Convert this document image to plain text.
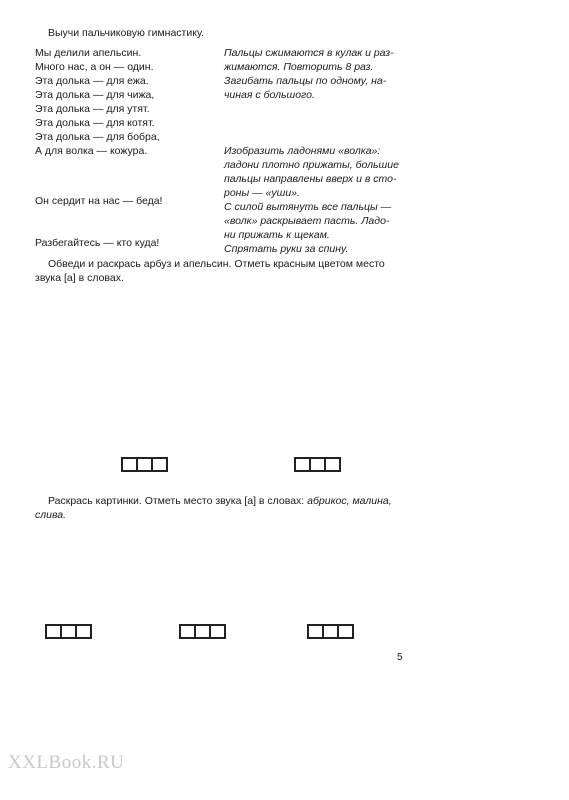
Выучи пальчиковую гимнастику.
Мы делили апельсин.
Много нас, а он — один.
Эта долька — для ежа.
Эта долька — для чижа,
Эта долька — для утят.
Эта долька — для котят.
Эта долька — для бобра,
А для волка — кожура.
Он сердит на нас — беда!
Разбегайтесь — кто куда!
Пальцы сжимаются в кулак и раз-
жимаются. Повторить 8 раз.
Загибать пальцы по одному, на-
чиная с большого.
Изобразить ладонями «волка»:
ладони плотно прижаты, большие
пальцы направлены вверх и в сто-
роны — «уши».
С силой вытянуть все пальцы —
«волк» раскрывает пасть. Ладо-
ни прижать к щекам.
Спрятать руки за спину.
Обведи и раскрась арбуз и апельсин. Отметь красным цветом место
звука [а] в словах.
Раскрась картинки. Отметь место звука [а] в словах: абрикос, малина,
слива.
5
XXLBook.RU
